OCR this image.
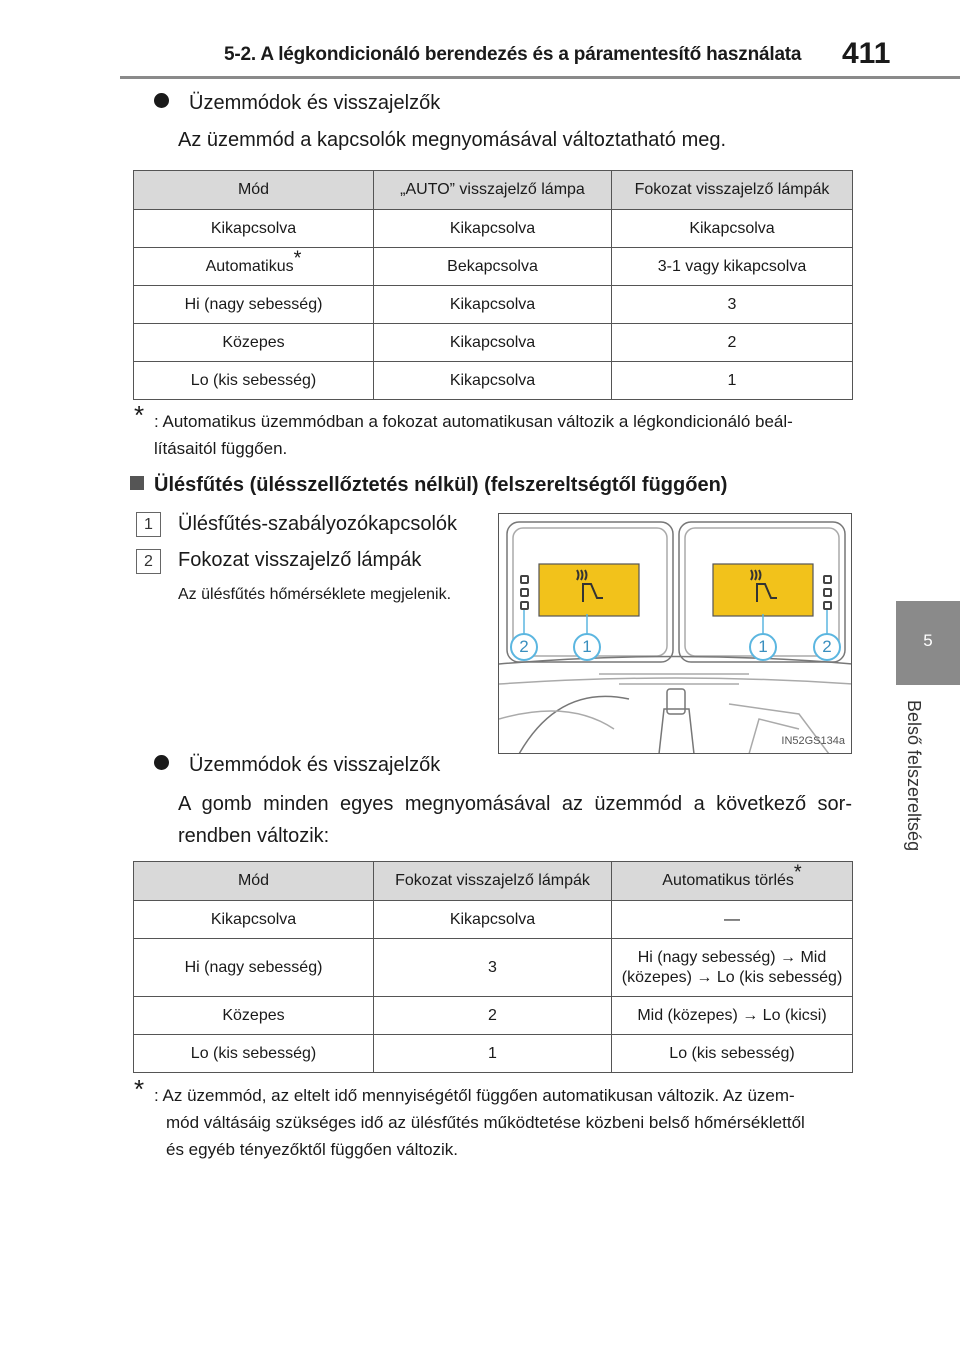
5-2. A légkondicionáló berendezés és a páramentesítő használata 411
5
Belső felszereltség
Üzemmódok és visszajelzők
Az üzemmód a kapcsolók megnyomásával változtatható meg.
Mód	„AUTO” visszajelző lámpa	Fokozat visszajelző lámpák
Kikapcsolva	Kikapcsolva	Kikapcsolva
Automatikus*	Bekapcsolva	3-1 vagy kikapcsolva
Hi (nagy sebesség)	Kikapcsolva	3
Közepes	Kikapcsolva	2
Lo (kis sebesség)	Kikapcsolva	1
* : Automatikus üzemmódban a fokozat automatikusan változik a légkondicionáló beál-lításaitól függően.
Ülésfűtés (ülésszellőztetés nélkül) (felszereltségtől függően)
1	Ülésfűtés-szabályozókapcsolók
2	Fokozat visszajelző lámpák
Az ülésfűtés hőmérséklete megjelenik.
2	1	1	2
IN52GS134a
Üzemmódok és visszajelzők
A gomb minden egyes megnyomásával az üzemmód a következő sor-
rendben változik:
Mód	Fokozat visszajelző lámpák	Automatikus törlés*
Kikapcsolva	Kikapcsolva	—
Hi (nagy sebesség)	3	Hi (nagy sebesség) → Mid (közepes) → Lo (kis sebesség)
Közepes	2	Mid (közepes) → Lo (kicsi)
Lo (kis sebesség)	1	Lo (kis sebesség)
* : Az üzemmód, az eltelt idő mennyiségétől függően automatikusan változik. Az üzem-
mód váltásáig szükséges idő az ülésfűtés működtetése közbeni belső hőmérséklettől
és egyéb tényezőktől függően változik.
